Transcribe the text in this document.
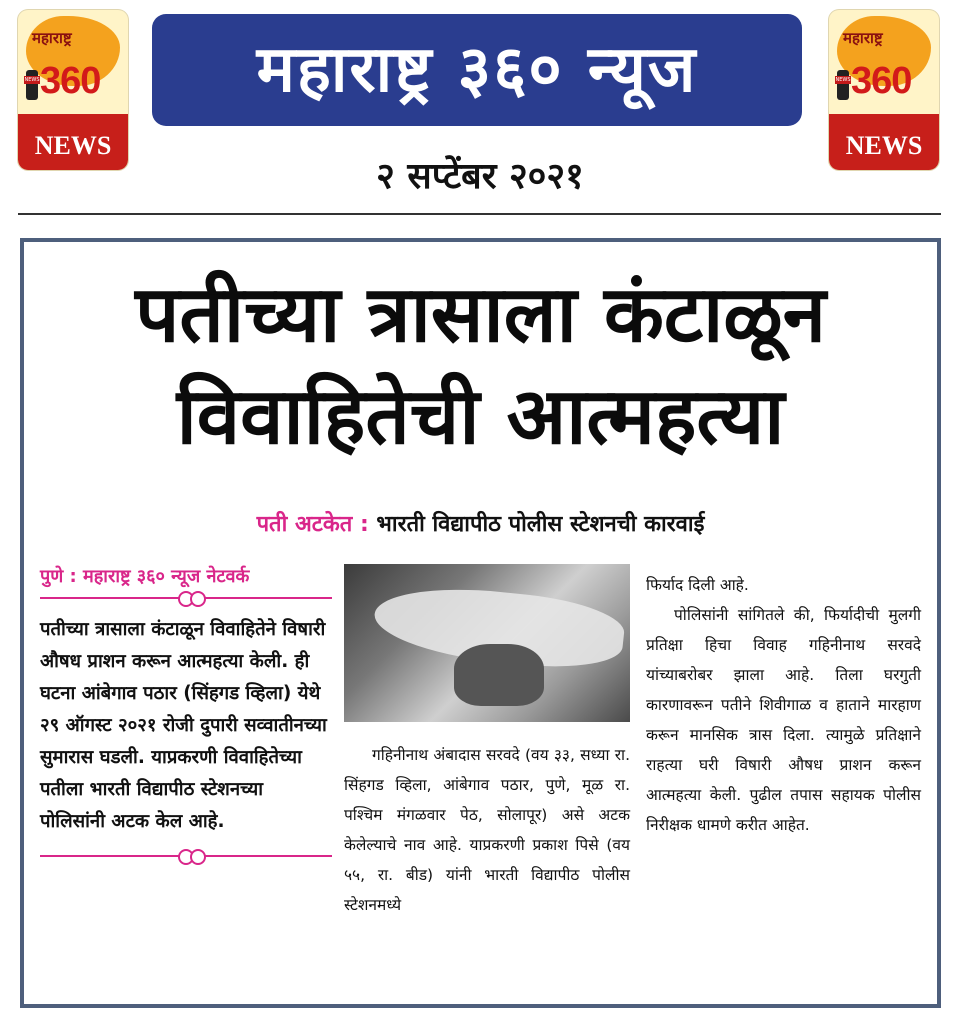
महाराष्ट्र
NEWS 360
NEWS
महाराष्ट्र ३६० न्यूज	महाराष्ट्र
NEWS 360
NEWS
२ सप्टेंबर २०२१
पतीच्या त्रासाला कंटाळून
विवाहितेची आत्महत्या
पती अटकेत : भारती विद्यापीठ पोलीस स्टेशनची कारवाई
पुणे : महाराष्ट्र ३६० न्यूज नेटवर्क

पतीच्या त्रासाला कंटाळून विवाहितेने विषारी औषध प्राशन करून आत्महत्या केली. ही घटना आंबेगाव पठार (सिंहगड व्हिला) येथे २९ ऑगस्ट २०२१ रोजी दुपारी सव्वातीनच्या सुमारास घडली. याप्रकरणी विवाहितेच्या पतीला भारती विद्यापीठ स्टेशनच्या पोलिसांनी अटक केल आहे.

गहिनीनाथ अंबादास सरवदे (वय ३३, सध्या रा. सिंहगड व्हिला, आंबेगाव पठार, पुणे, मूळ रा. पश्चिम मंगळवार पेठ, सोलापूर) असे अटक केलेल्याचे नाव आहे. याप्रकरणी प्रकाश पिसे (वय ५५, रा. बीड) यांनी भारती विद्यापीठ पोलीस स्टेशनमध्ये

फिर्याद दिली आहे.

पोलिसांनी सांगितले की, फिर्यादीची मुलगी प्रतिक्षा हिचा विवाह गहिनीनाथ सरवदे यांच्याबरोबर झाला आहे. तिला घरगुती कारणावरून पतीने शिवीगाळ व हाताने मारहाण करून मानसिक त्रास दिला. त्यामुळे प्रतिक्षाने राहत्या घरी विषारी औषध प्राशन करून आत्महत्या केली. पुढील तपास सहायक पोलीस निरीक्षक धामणे करीत आहेत.
